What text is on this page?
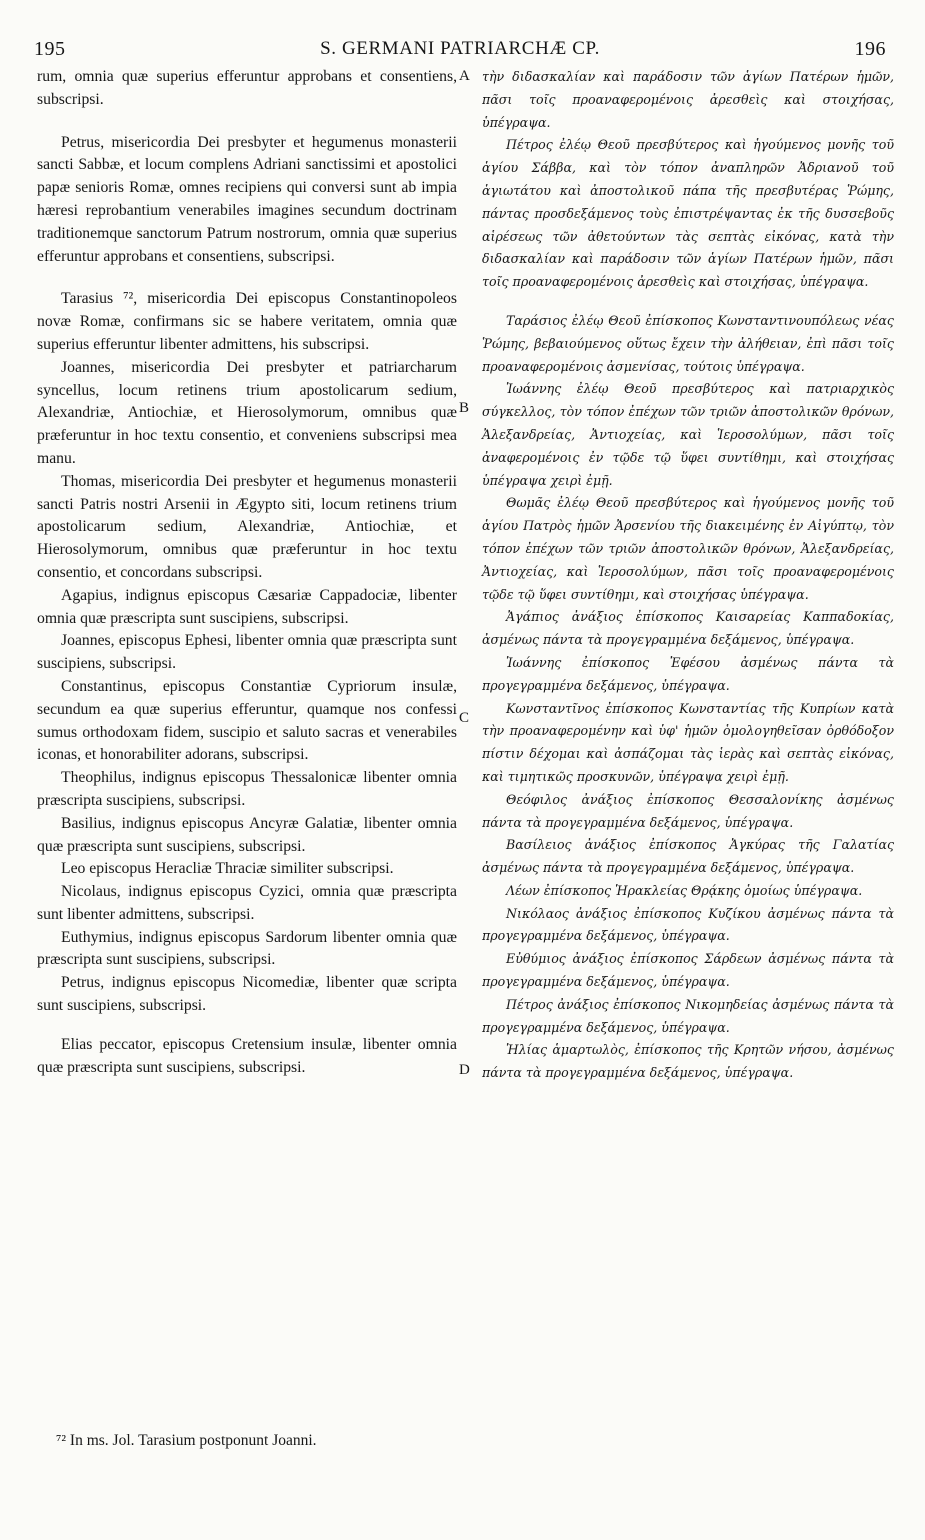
195	S. GERMANI PATRIARCHÆ CP.	196
A
B
C
D

rum, omnia quæ superius efferuntur approbans et consentiens, subscripsi.

Petrus, misericordia Dei presbyter et hegumenus monasterii sancti Sabbæ, et locum complens Adriani sanctissimi et apostolici papæ senioris Romæ, omnes recipiens qui conversi sunt ab impia hæresi reprobantium venerabiles imagines secundum doctrinam traditionemque sanctorum Patrum nostrorum, omnia quæ superius efferuntur approbans et consentiens, subscripsi.

Tarasius ⁷², misericordia Dei episcopus Constantinopoleos novæ Romæ, confirmans sic se habere veritatem, omnia quæ superius efferuntur libenter admittens, his subscripsi.

Joannes, misericordia Dei presbyter et patriarcharum syncellus, locum retinens trium apostolicarum sedium, Alexandriæ, Antiochiæ, et Hierosolymorum, omnibus quæ præferuntur in hoc textu consentio, et conveniens subscripsi mea manu.

Thomas, misericordia Dei presbyter et hegumenus monasterii sancti Patris nostri Arsenii in Ægypto siti, locum retinens trium apostolicarum sedium, Alexandriæ, Antiochiæ, et Hierosolymorum, omnibus quæ præferuntur in hoc textu consentio, et concordans subscripsi.

Agapius, indignus episcopus Cæsariæ Cappadociæ, libenter omnia quæ præscripta sunt suscipiens, subscripsi.

Joannes, episcopus Ephesi, libenter omnia quæ præscripta sunt suscipiens, subscripsi.

Constantinus, episcopus Constantiæ Cypriorum insulæ, secundum ea quæ superius efferuntur, quamque nos confessi sumus orthodoxam fidem, suscipio et saluto sacras et venerabiles iconas, et honorabiliter adorans, subscripsi.

Theophilus, indignus episcopus Thessalonicæ libenter omnia præscripta suscipiens, subscripsi.

Basilius, indignus episcopus Ancyræ Galatiæ, libenter omnia quæ præscripta sunt suscipiens, subscripsi.

Leo episcopus Heracliæ Thraciæ similiter subscripsi.

Nicolaus, indignus episcopus Cyzici, omnia quæ præscripta sunt libenter admittens, subscripsi.

Euthymius, indignus episcopus Sardorum libenter omnia quæ præscripta sunt suscipiens, subscripsi.

Petrus, indignus episcopus Nicomediæ, libenter quæ scripta sunt suscipiens, subscripsi.

Elias peccator, episcopus Cretensium insulæ, libenter omnia quæ præscripta sunt suscipiens, subscripsi.

τὴν διδασκαλίαν καὶ παράδοσιν τῶν ἁγίων Πατέρων ἡμῶν, πᾶσι τοῖς προαναφερομένοις ἀρεσθεὶς καὶ στοιχήσας, ὑπέγραψα.

Πέτρος ἐλέῳ Θεοῦ πρεσβύτερος καὶ ἡγούμενος μονῆς τοῦ ἁγίου Σάββα, καὶ τὸν τόπον ἀναπληρῶν Ἀδριανοῦ τοῦ ἁγιωτάτου καὶ ἀποστολικοῦ πάπα τῆς πρεσβυτέρας Ῥώμης, πάντας προσδεξάμενος τοὺς ἐπιστρέψαντας ἐκ τῆς δυσσεβοῦς αἱρέσεως τῶν ἀθετούντων τὰς σεπτὰς εἰκόνας, κατὰ τὴν διδασκαλίαν καὶ παράδοσιν τῶν ἁγίων Πατέρων ἡμῶν, πᾶσι τοῖς προαναφερομένοις ἀρεσθεὶς καὶ στοιχήσας, ὑπέγραψα.

Ταράσιος ἐλέῳ Θεοῦ ἐπίσκοπος Κωνσταντινουπόλεως νέας Ῥώμης, βεβαιούμενος οὕτως ἔχειν τὴν ἀλήθειαν, ἐπὶ πᾶσι τοῖς προαναφερομένοις ἀσμενίσας, τούτοις ὑπέγραψα.

Ἰωάννης ἐλέῳ Θεοῦ πρεσβύτερος καὶ πατριαρχικὸς σύγκελλος, τὸν τόπον ἐπέχων τῶν τριῶν ἀποστολικῶν θρόνων, Ἀλεξανδρείας, Ἀντιοχείας, καὶ Ἱεροσολύμων, πᾶσι τοῖς ἀναφερομένοις ἐν τῷδε τῷ ὕφει συντίθημι, καὶ στοιχήσας ὑπέγραψα χειρὶ ἐμῇ.

Θωμᾶς ἐλέῳ Θεοῦ πρεσβύτερος καὶ ἡγούμενος μονῆς τοῦ ἁγίου Πατρὸς ἡμῶν Ἀρσενίου τῆς διακειμένης ἐν Αἰγύπτῳ, τὸν τόπον ἐπέχων τῶν τριῶν ἀποστολικῶν θρόνων, Ἀλεξανδρείας, Ἀντιοχείας, καὶ Ἱεροσολύμων, πᾶσι τοῖς προαναφερομένοις τῷδε τῷ ὕφει συντίθημι, καὶ στοιχήσας ὑπέγραψα.

Ἀγάπιος ἀνάξιος ἐπίσκοπος Καισαρείας Καππαδοκίας, ἀσμένως πάντα τὰ προγεγραμμένα δεξάμενος, ὑπέγραψα.

Ἰωάννης ἐπίσκοπος Ἐφέσου ἀσμένως πάντα τὰ προγεγραμμένα δεξάμενος, ὑπέγραψα.

Κωνσταντῖνος ἐπίσκοπος Κωνσταντίας τῆς Κυπρίων κατὰ τὴν προαναφερομένην καὶ ὑφ' ἡμῶν ὁμολογηθεῖσαν ὀρθόδοξον πίστιν δέχομαι καὶ ἀσπάζομαι τὰς ἱερὰς καὶ σεπτὰς εἰκόνας, καὶ τιμητικῶς προσκυνῶν, ὑπέγραψα χειρὶ ἐμῇ.

Θεόφιλος ἀνάξιος ἐπίσκοπος Θεσσαλονίκης ἀσμένως πάντα τὰ προγεγραμμένα δεξάμενος, ὑπέγραψα.

Βασίλειος ἀνάξιος ἐπίσκοπος Ἀγκύρας τῆς Γαλατίας ἀσμένως πάντα τὰ προγεγραμμένα δεξάμενος, ὑπέγραψα.

Λέων ἐπίσκοπος Ἡρακλείας Θρᾴκης ὁμοίως ὑπέγραψα.

Νικόλαος ἀνάξιος ἐπίσκοπος Κυζίκου ἀσμένως πάντα τὰ προγεγραμμένα δεξάμενος, ὑπέγραψα.

Εὐθύμιος ἀνάξιος ἐπίσκοπος Σάρδεων ἀσμένως πάντα τὰ προγεγραμμένα δεξάμενος, ὑπέγραψα.

Πέτρος ἀνάξιος ἐπίσκοπος Νικομηδείας ἀσμένως πάντα τὰ προγεγραμμένα δεξάμενος, ὑπέγραψα.

Ἠλίας ἁμαρτωλὸς, ἐπίσκοπος τῆς Κρητῶν νήσου, ἀσμένως πάντα τὰ προγεγραμμένα δεξάμενος, ὑπέγραψα.

⁷² In ms. Jol. Tarasium postponunt Joanni.
